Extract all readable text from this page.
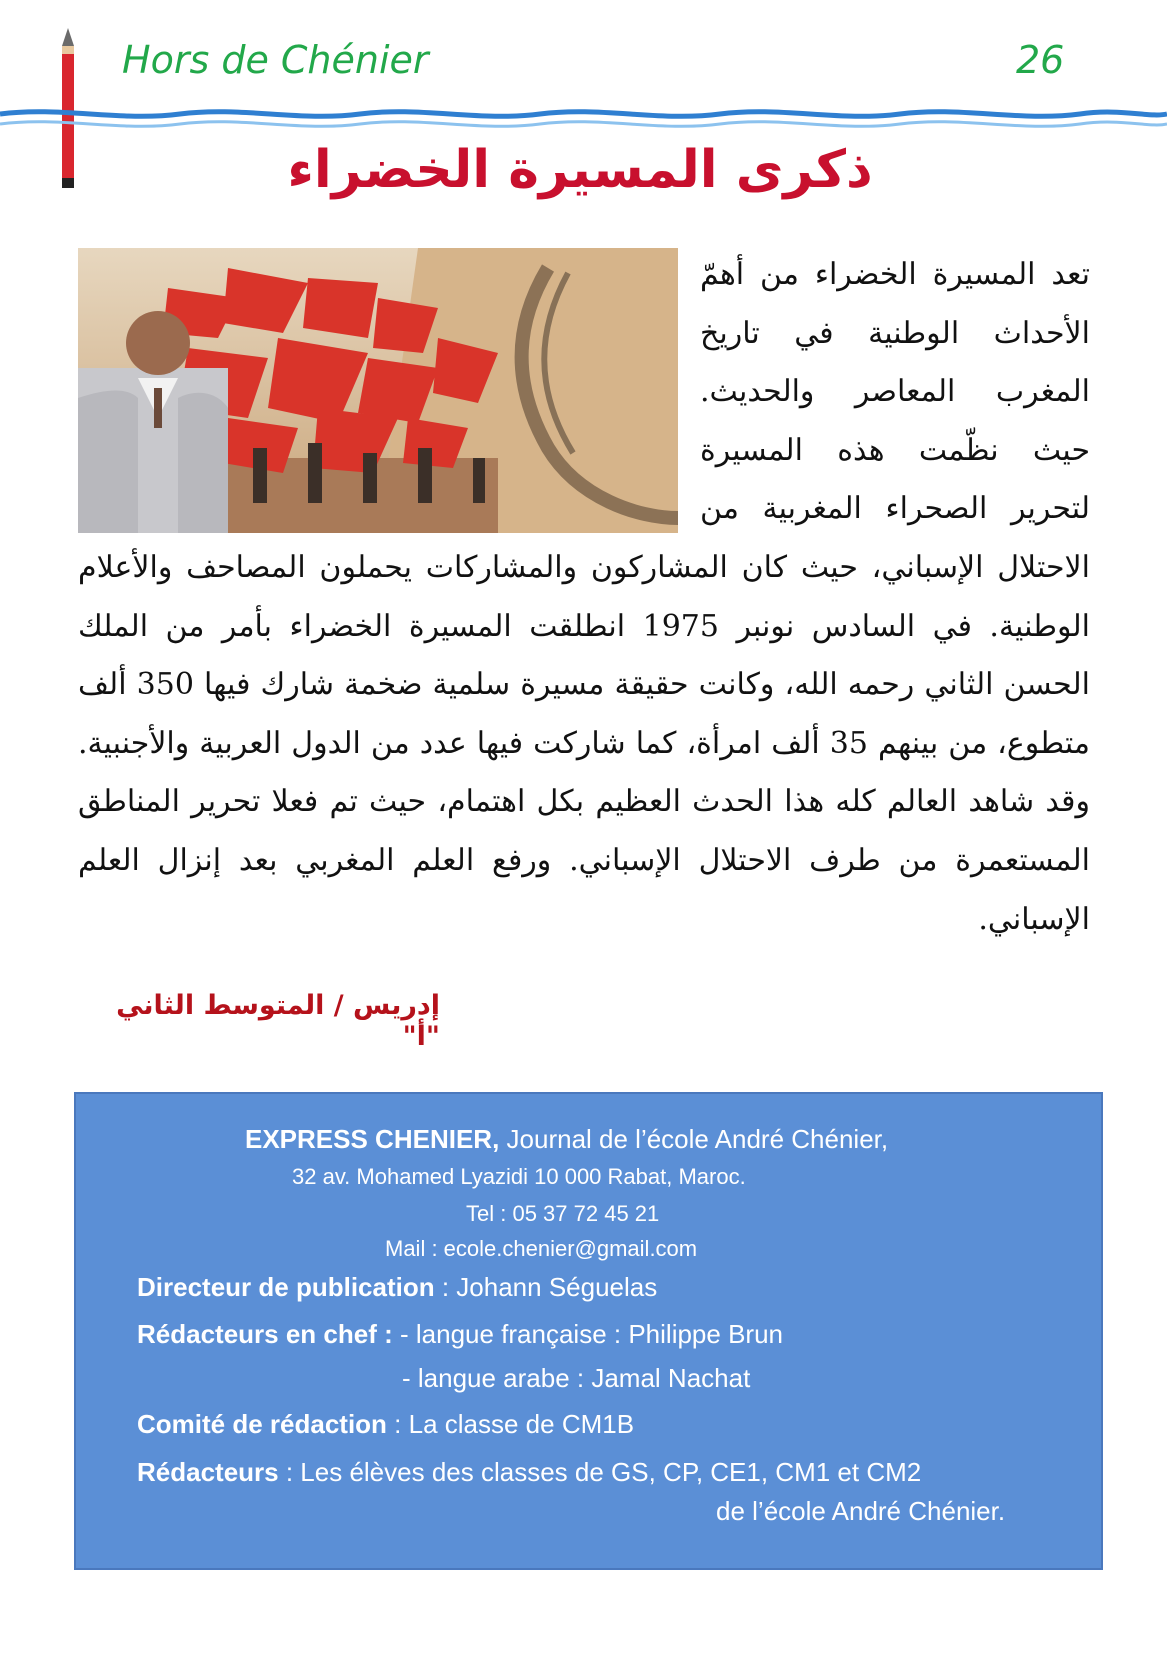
Hors de Chénier	26
ذكرى المسيرة الخضراء
تعد المسيرة الخضراء من أهمّ الأحداث الوطنية في تاريخ المغرب المعاصر والحديث. حيث نظّمت هذه المسيرة لتحرير الصحراء المغربية من الاحتلال الإسباني، حيث كان المشاركون والمشاركات يحملون المصاحف والأعلام الوطنية. في السادس نونبر 1975 انطلقت المسيرة الخضراء بأمر من الملك الحسن الثاني رحمه الله، وكانت حقيقة مسيرة سلمية ضخمة شارك فيها 350 ألف متطوع، من بينهم 35 ألف امرأة، كما شاركت فيها عدد من الدول العربية والأجنبية. وقد شاهد العالم كله هذا الحدث العظيم بكل اهتمام، حيث تم فعلا تحرير المناطق المستعمرة من طرف الاحتلال الإسباني. ورفع العلم المغربي بعد إنزال العلم الإسباني.
إدريس / المتوسط الثاني "أ"
EXPRESS CHENIER, Journal de l’école André Chénier,
32 av. Mohamed Lyazidi 10 000 Rabat, Maroc.
Tel : 05 37 72 45 21
Mail : ecole.chenier@gmail.com
Directeur de publication : Johann Séguelas
Rédacteurs en chef : - langue française : Philippe Brun
- langue arabe : Jamal Nachat
Comité de rédaction : La classe de CM1B
Rédacteurs : Les élèves des classes de GS, CP, CE1, CM1 et CM2
de l’école André Chénier.
